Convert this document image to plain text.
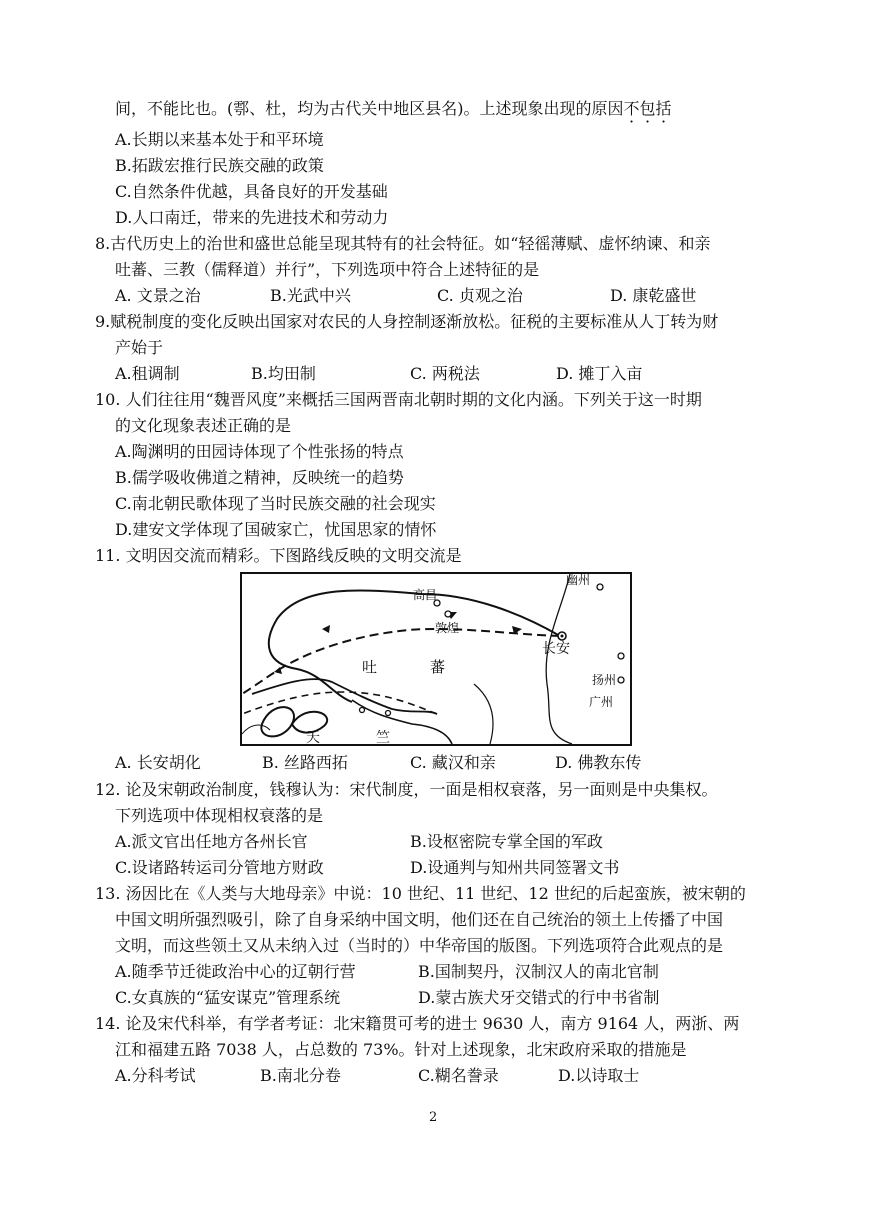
间，不能比也。(鄠、杜，均为古代关中地区县名)。上述现象出现的原因不包括
A.长期以来基本处于和平环境
B.拓跋宏推行民族交融的政策
C.自然条件优越，具备良好的开发基础
D.人口南迁，带来的先进技术和劳动力
8.古代历史上的治世和盛世总能呈现其特有的社会特征。如“轻徭薄赋、虚怀纳谏、和亲
吐蕃、三教（儒释道）并行”，下列选项中符合上述特征的是
A. 文景之治	B.光武中兴	C. 贞观之治	D. 康乾盛世
9.赋税制度的变化反映出国家对农民的人身控制逐渐放松。征税的主要标准从人丁转为财
产始于
A.租调制	B.均田制	C. 两税法	D. 摊丁入亩
10. 人们往往用“魏晋风度”来概括三国两晋南北朝时期的文化内涵。下列关于这一时期
的文化现象表述正确的是
A.陶渊明的田园诗体现了个性张扬的特点
B.儒学吸收佛道之精神，反映统一的趋势
C.南北朝民歌体现了当时民族交融的社会现实
D.建安文学体现了国破家亡，忧国思家的情怀
11. 文明因交流而精彩。下图路线反映的文明交流是
幽州
高昌
敦煌
长安
吐	蕃
扬州
广州
天	竺
A. 长安胡化	B. 丝路西拓	C. 藏汉和亲	D. 佛教东传
12. 论及宋朝政治制度，钱穆认为：宋代制度，一面是相权衰落，另一面则是中央集权。
下列选项中体现相权衰落的是
A.派文官出任地方各州长官	B.设枢密院专掌全国的军政
C.设诸路转运司分管地方财政	D.设通判与知州共同签署文书
13. 汤因比在《人类与大地母亲》中说：10 世纪、11 世纪、12 世纪的后起蛮族，被宋朝的
中国文明所强烈吸引，除了自身采纳中国文明，他们还在自己统治的领土上传播了中国
文明，而这些领土又从未纳入过（当时的）中华帝国的版图。下列选项符合此观点的是
A.随季节迁徙政治中心的辽朝行营	B.国制契丹，汉制汉人的南北官制
C.女真族的“猛安谋克”管理系统	D.蒙古族犬牙交错式的行中书省制
14. 论及宋代科举，有学者考证：北宋籍贯可考的进士 9630 人，南方 9164 人，两浙、两
江和福建五路 7038 人，占总数的 73%。针对上述现象，北宋政府采取的措施是
A.分科考试	B.南北分卷	C.糊名誊录	D.以诗取士
2
